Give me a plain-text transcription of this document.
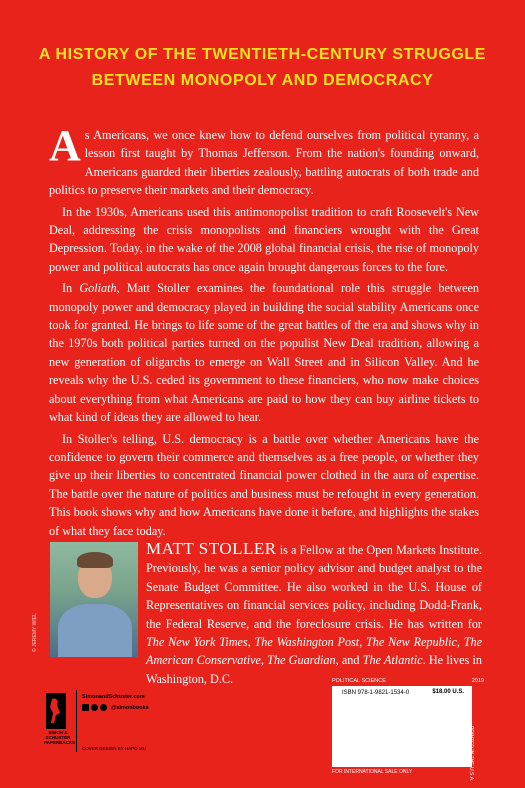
A HISTORY OF THE TWENTIETH-CENTURY STRUGGLE
BETWEEN MONOPOLY AND DEMOCRACY

As Americans, we once knew how to defend ourselves from political tyranny, a lesson first taught by Thomas Jefferson. From the nation's founding onward, Americans guarded their liberties zealously, battling autocrats of both trade and politics to preserve their markets and their democracy.

In the 1930s, Americans used this antimonopolist tradition to craft Roosevelt's New Deal, addressing the crisis monopolists and financiers wrought with the Great Depression. Today, in the wake of the 2008 global financial crisis, the rise of monopoly power and political autocrats has once again brought dangerous forces to the fore.

In Goliath, Matt Stoller examines the foundational role this struggle between monopoly power and democracy played in building the social stability Americans once took for granted. He brings to life some of the great battles of the era and shows why in the 1970s both political parties turned on the populist New Deal tradition, allowing a new generation of oligarchs to emerge on Wall Street and in Silicon Valley. And he reveals why the U.S. ceded its government to these financiers, who now make choices about everything from what Americans are paid to how they can buy airline tickets to what kind of ideas they are allowed to hear.

In Stoller's telling, U.S. democracy is a battle over whether Americans have the confidence to govern their commerce and themselves as a free people, or whether they give up their liberties to concentrated financial power clothed in the aura of expertise. The battle over the nature of politics and business must be refought in every generation. This book shows why and how Americans have done it before, and highlights the stakes of what they face today.

© JEREMY WIEL
MATT STOLLER is a Fellow at the Open Markets Institute. Previously, he was a senior policy advisor and budget analyst to the Senate Budget Committee. He also worked in the U.S. House of Representatives on financial services policy, including Dodd-Frank, the Federal Reserve, and the foreclosure crisis. He has written for The New York Times, The Washington Post, The New Republic, The American Conservative, The Guardian, and The Atlantic. He lives in Washington, D.C.
SIMON &
SCHUSTER
PAPERBACKS
SimonandSchuster.com
@simonbooks
COVER DESIGN BY HAPO MU
POLITICAL SCIENCE	2019
ISBN 978-1-9821-1534-0	$18.00 U.S.
PRINTED IN THE U.S.A.
FOR INTERNATIONAL SALE ONLY
